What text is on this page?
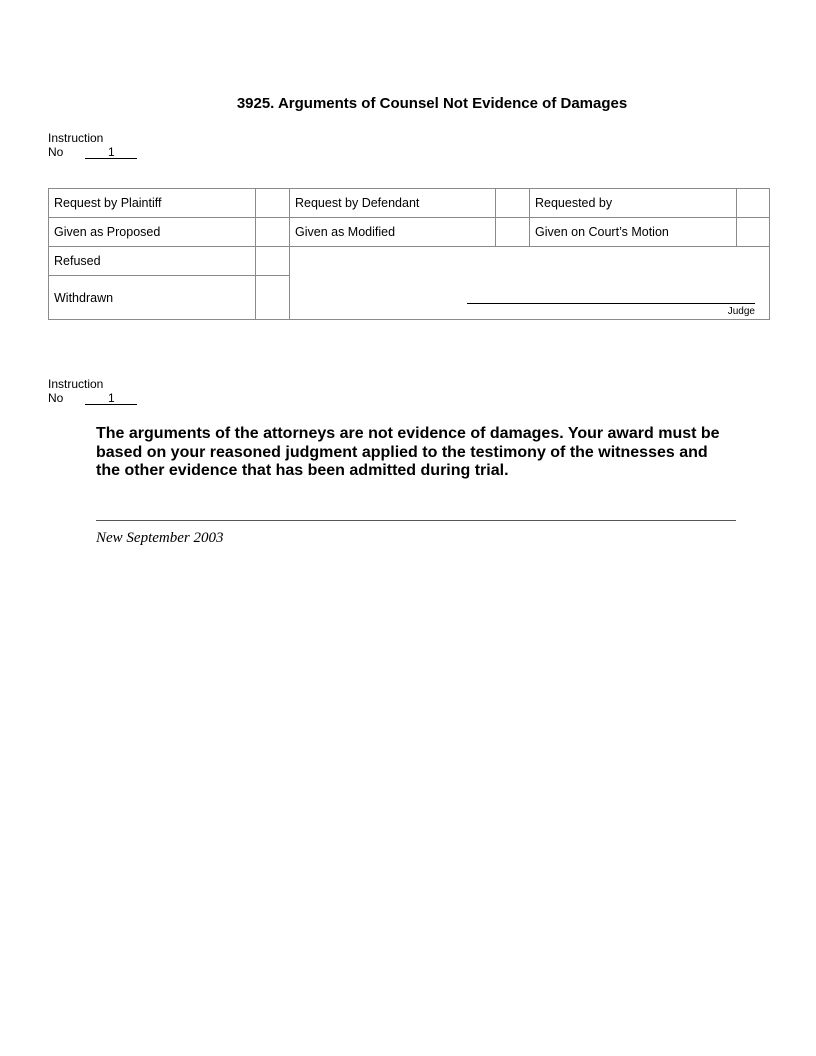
3925. Arguments of Counsel Not Evidence of Damages
Instruction
No	1
Request by Plaintiff		Request by Defendant		Requested by	
Given as Proposed		Given as Modified		Given on Court’s Motion	
Refused		Judge			

Withdrawn					
Instruction
No	1

The arguments of the attorneys are not evidence of damages. Your award must be based on your reasoned judgment applied to the testimony of the witnesses and the other evidence that has been admitted during trial.

New September 2003
